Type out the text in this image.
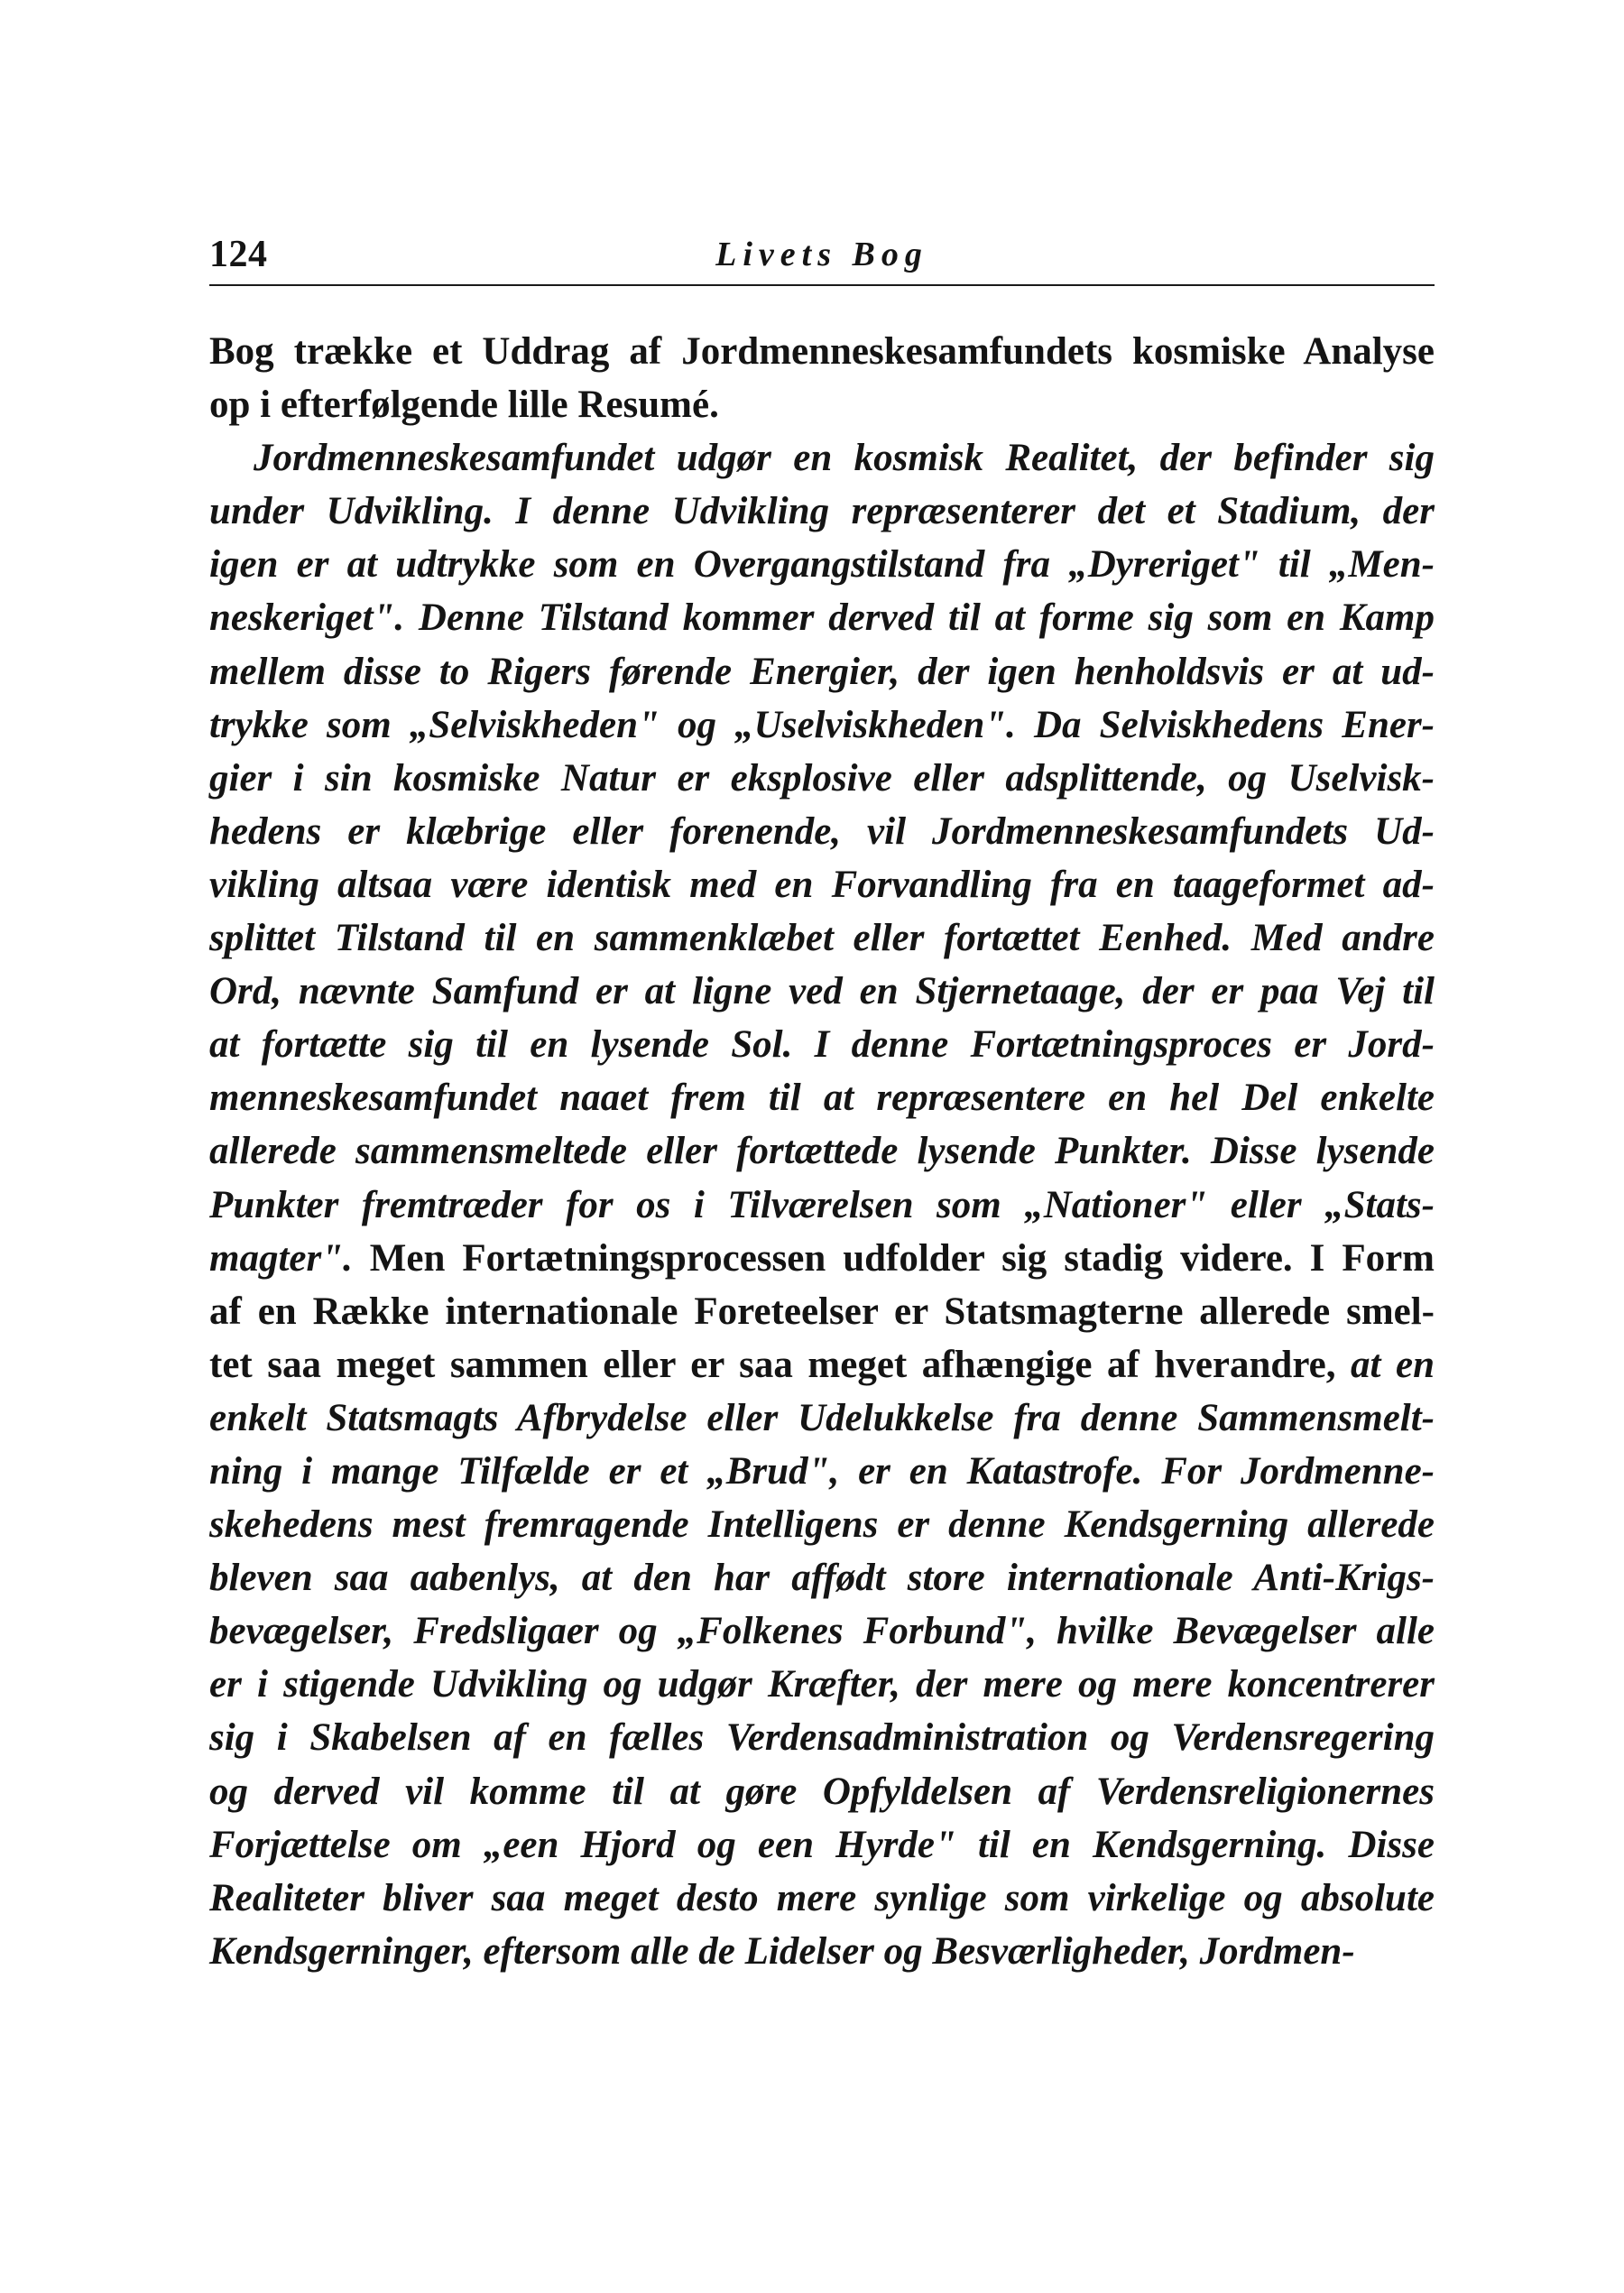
124	Livets Bog
Bog trække et Uddrag af Jordmenneskesamfundets kosmiske Analyse
op i efterfølgende lille Resumé.
Jordmenneskesamfundet udgør en kosmisk Realitet, der befinder sig
under Udvikling. I denne Udvikling repræsenterer det et Stadium, der
igen er at udtrykke som en Overgangstilstand fra „Dyreriget" til „Men-
neskeriget". Denne Tilstand kommer derved til at forme sig som en Kamp
mellem disse to Rigers førende Energier, der igen henholdsvis er at ud-
trykke som „Selviskheden" og „Uselviskheden". Da Selviskhedens Ener-
gier i sin kosmiske Natur er eksplosive eller adsplittende, og Uselvisk-
hedens er klæbrige eller forenende, vil Jordmenneskesamfundets Ud-
vikling altsaa være identisk med en Forvandling fra en taageformet ad-
splittet Tilstand til en sammenklæbet eller fortættet Eenhed. Med andre
Ord, nævnte Samfund er at ligne ved en Stjernetaage, der er paa Vej til
at fortætte sig til en lysende Sol. I denne Fortætningsproces er Jord-
menneskesamfundet naaet frem til at repræsentere en hel Del enkelte
allerede sammensmeltede eller fortættede lysende Punkter. Disse lysende
Punkter fremtræder for os i Tilværelsen som „Nationer" eller „Stats-
magter". Men Fortætningsprocessen udfolder sig stadig videre. I Form
af en Række internationale Foreteelser er Statsmagterne allerede smel-
tet saa meget sammen eller er saa meget afhængige af hverandre, at en
enkelt Statsmagts Afbrydelse eller Udelukkelse fra denne Sammensmelt-
ning i mange Tilfælde er et „Brud", er en Katastrofe. For Jordmenne-
skehedens mest fremragende Intelligens er denne Kendsgerning allerede
bleven saa aabenlys, at den har affødt store internationale Anti-Krigs-
bevægelser, Fredsligaer og „Folkenes Forbund", hvilke Bevægelser alle
er i stigende Udvikling og udgør Kræfter, der mere og mere koncentrerer
sig i Skabelsen af en fælles Verdensadministration og Verdensregering
og derved vil komme til at gøre Opfyldelsen af Verdensreligionernes
Forjættelse om „een Hjord og een Hyrde" til en Kendsgerning. Disse
Realiteter bliver saa meget desto mere synlige som virkelige og absolute
Kendsgerninger, eftersom alle de Lidelser og Besværligheder, Jordmen-
